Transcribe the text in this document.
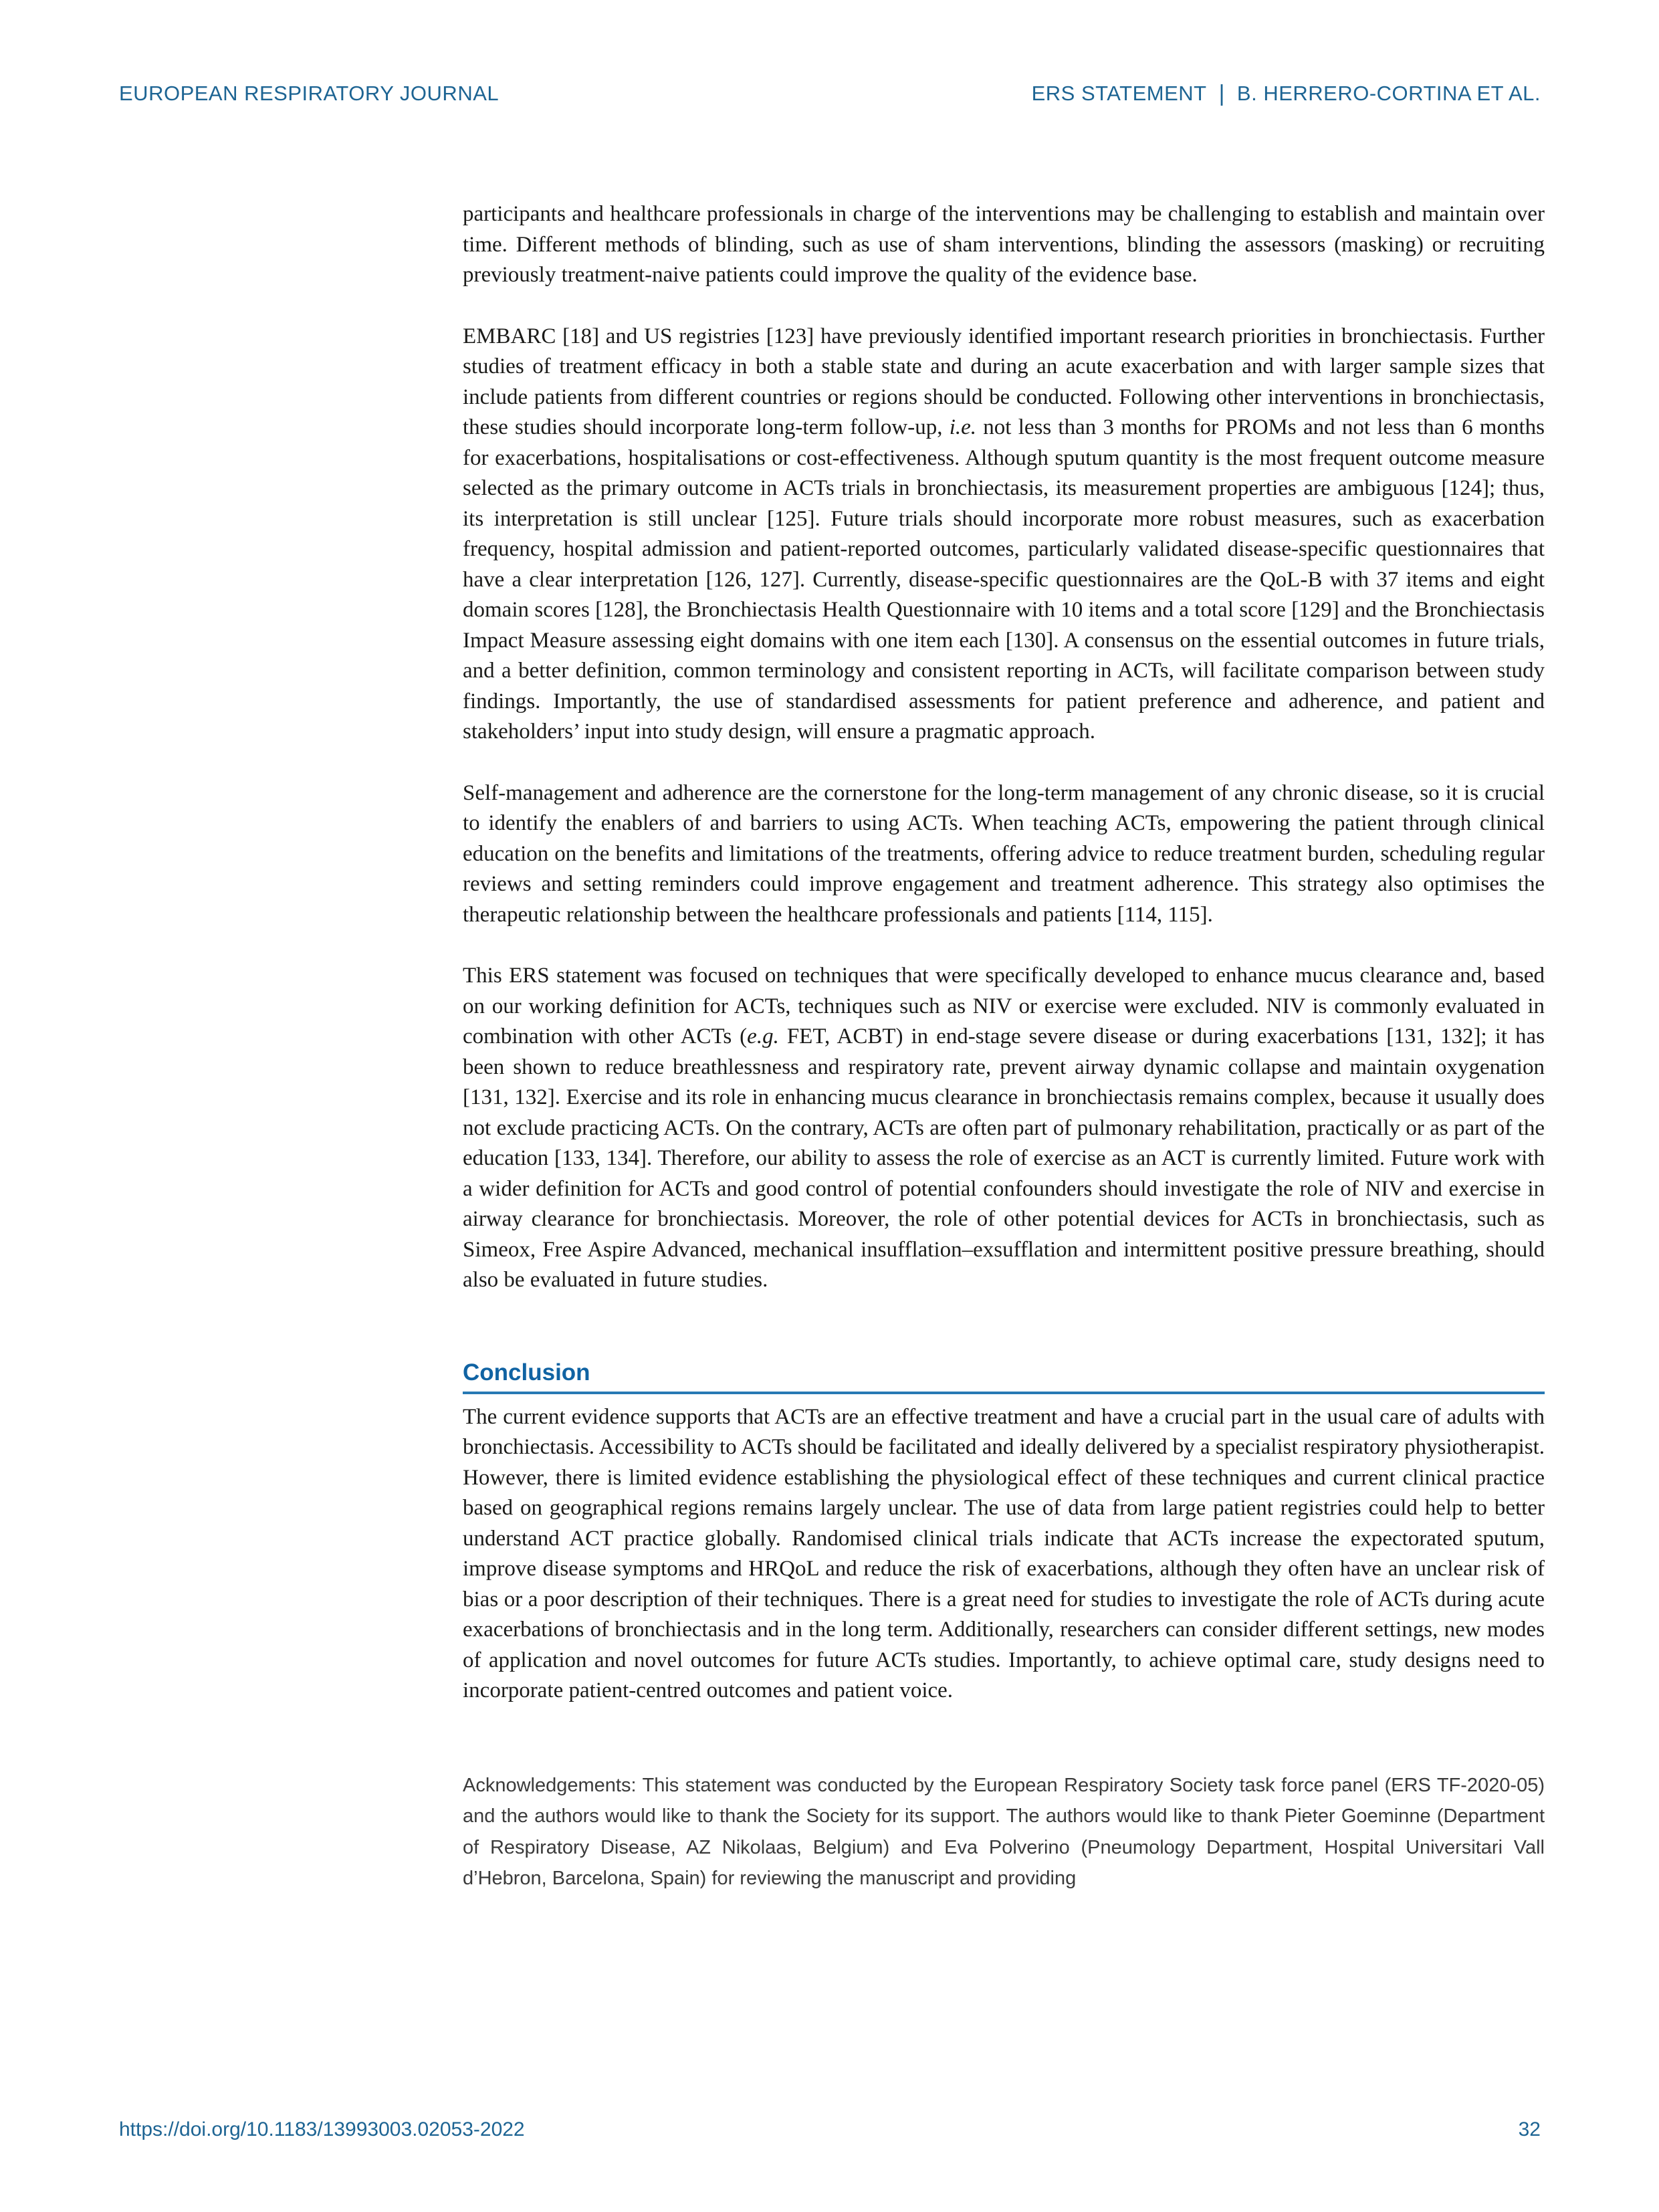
EUROPEAN RESPIRATORY JOURNAL	ERS STATEMENT | B. HERRERO-CORTINA ET AL.

participants and healthcare professionals in charge of the interventions may be challenging to establish and maintain over time. Different methods of blinding, such as use of sham interventions, blinding the assessors (masking) or recruiting previously treatment-naive patients could improve the quality of the evidence base.

EMBARC [18] and US registries [123] have previously identified important research priorities in bronchiectasis. Further studies of treatment efficacy in both a stable state and during an acute exacerbation and with larger sample sizes that include patients from different countries or regions should be conducted. Following other interventions in bronchiectasis, these studies should incorporate long-term follow-up, i.e. not less than 3 months for PROMs and not less than 6 months for exacerbations, hospitalisations or cost-effectiveness. Although sputum quantity is the most frequent outcome measure selected as the primary outcome in ACTs trials in bronchiectasis, its measurement properties are ambiguous [124]; thus, its interpretation is still unclear [125]. Future trials should incorporate more robust measures, such as exacerbation frequency, hospital admission and patient-reported outcomes, particularly validated disease-specific questionnaires that have a clear interpretation [126, 127]. Currently, disease-specific questionnaires are the QoL-B with 37 items and eight domain scores [128], the Bronchiectasis Health Questionnaire with 10 items and a total score [129] and the Bronchiectasis Impact Measure assessing eight domains with one item each [130]. A consensus on the essential outcomes in future trials, and a better definition, common terminology and consistent reporting in ACTs, will facilitate comparison between study findings. Importantly, the use of standardised assessments for patient preference and adherence, and patient and stakeholders’ input into study design, will ensure a pragmatic approach.

Self-management and adherence are the cornerstone for the long-term management of any chronic disease, so it is crucial to identify the enablers of and barriers to using ACTs. When teaching ACTs, empowering the patient through clinical education on the benefits and limitations of the treatments, offering advice to reduce treatment burden, scheduling regular reviews and setting reminders could improve engagement and treatment adherence. This strategy also optimises the therapeutic relationship between the healthcare professionals and patients [114, 115].

This ERS statement was focused on techniques that were specifically developed to enhance mucus clearance and, based on our working definition for ACTs, techniques such as NIV or exercise were excluded. NIV is commonly evaluated in combination with other ACTs (e.g. FET, ACBT) in end-stage severe disease or during exacerbations [131, 132]; it has been shown to reduce breathlessness and respiratory rate, prevent airway dynamic collapse and maintain oxygenation [131, 132]. Exercise and its role in enhancing mucus clearance in bronchiectasis remains complex, because it usually does not exclude practicing ACTs. On the contrary, ACTs are often part of pulmonary rehabilitation, practically or as part of the education [133, 134]. Therefore, our ability to assess the role of exercise as an ACT is currently limited. Future work with a wider definition for ACTs and good control of potential confounders should investigate the role of NIV and exercise in airway clearance for bronchiectasis. Moreover, the role of other potential devices for ACTs in bronchiectasis, such as Simeox, Free Aspire Advanced, mechanical insufflation–exsufflation and intermittent positive pressure breathing, should also be evaluated in future studies.

Conclusion

The current evidence supports that ACTs are an effective treatment and have a crucial part in the usual care of adults with bronchiectasis. Accessibility to ACTs should be facilitated and ideally delivered by a specialist respiratory physiotherapist. However, there is limited evidence establishing the physiological effect of these techniques and current clinical practice based on geographical regions remains largely unclear. The use of data from large patient registries could help to better understand ACT practice globally. Randomised clinical trials indicate that ACTs increase the expectorated sputum, improve disease symptoms and HRQoL and reduce the risk of exacerbations, although they often have an unclear risk of bias or a poor description of their techniques. There is a great need for studies to investigate the role of ACTs during acute exacerbations of bronchiectasis and in the long term. Additionally, researchers can consider different settings, new modes of application and novel outcomes for future ACTs studies. Importantly, to achieve optimal care, study designs need to incorporate patient-centred outcomes and patient voice.

Acknowledgements: This statement was conducted by the European Respiratory Society task force panel (ERS TF-2020-05) and the authors would like to thank the Society for its support. The authors would like to thank Pieter Goeminne (Department of Respiratory Disease, AZ Nikolaas, Belgium) and Eva Polverino (Pneumology Department, Hospital Universitari Vall d’Hebron, Barcelona, Spain) for reviewing the manuscript and providing

https://doi.org/10.1183/13993003.02053-2022	32
